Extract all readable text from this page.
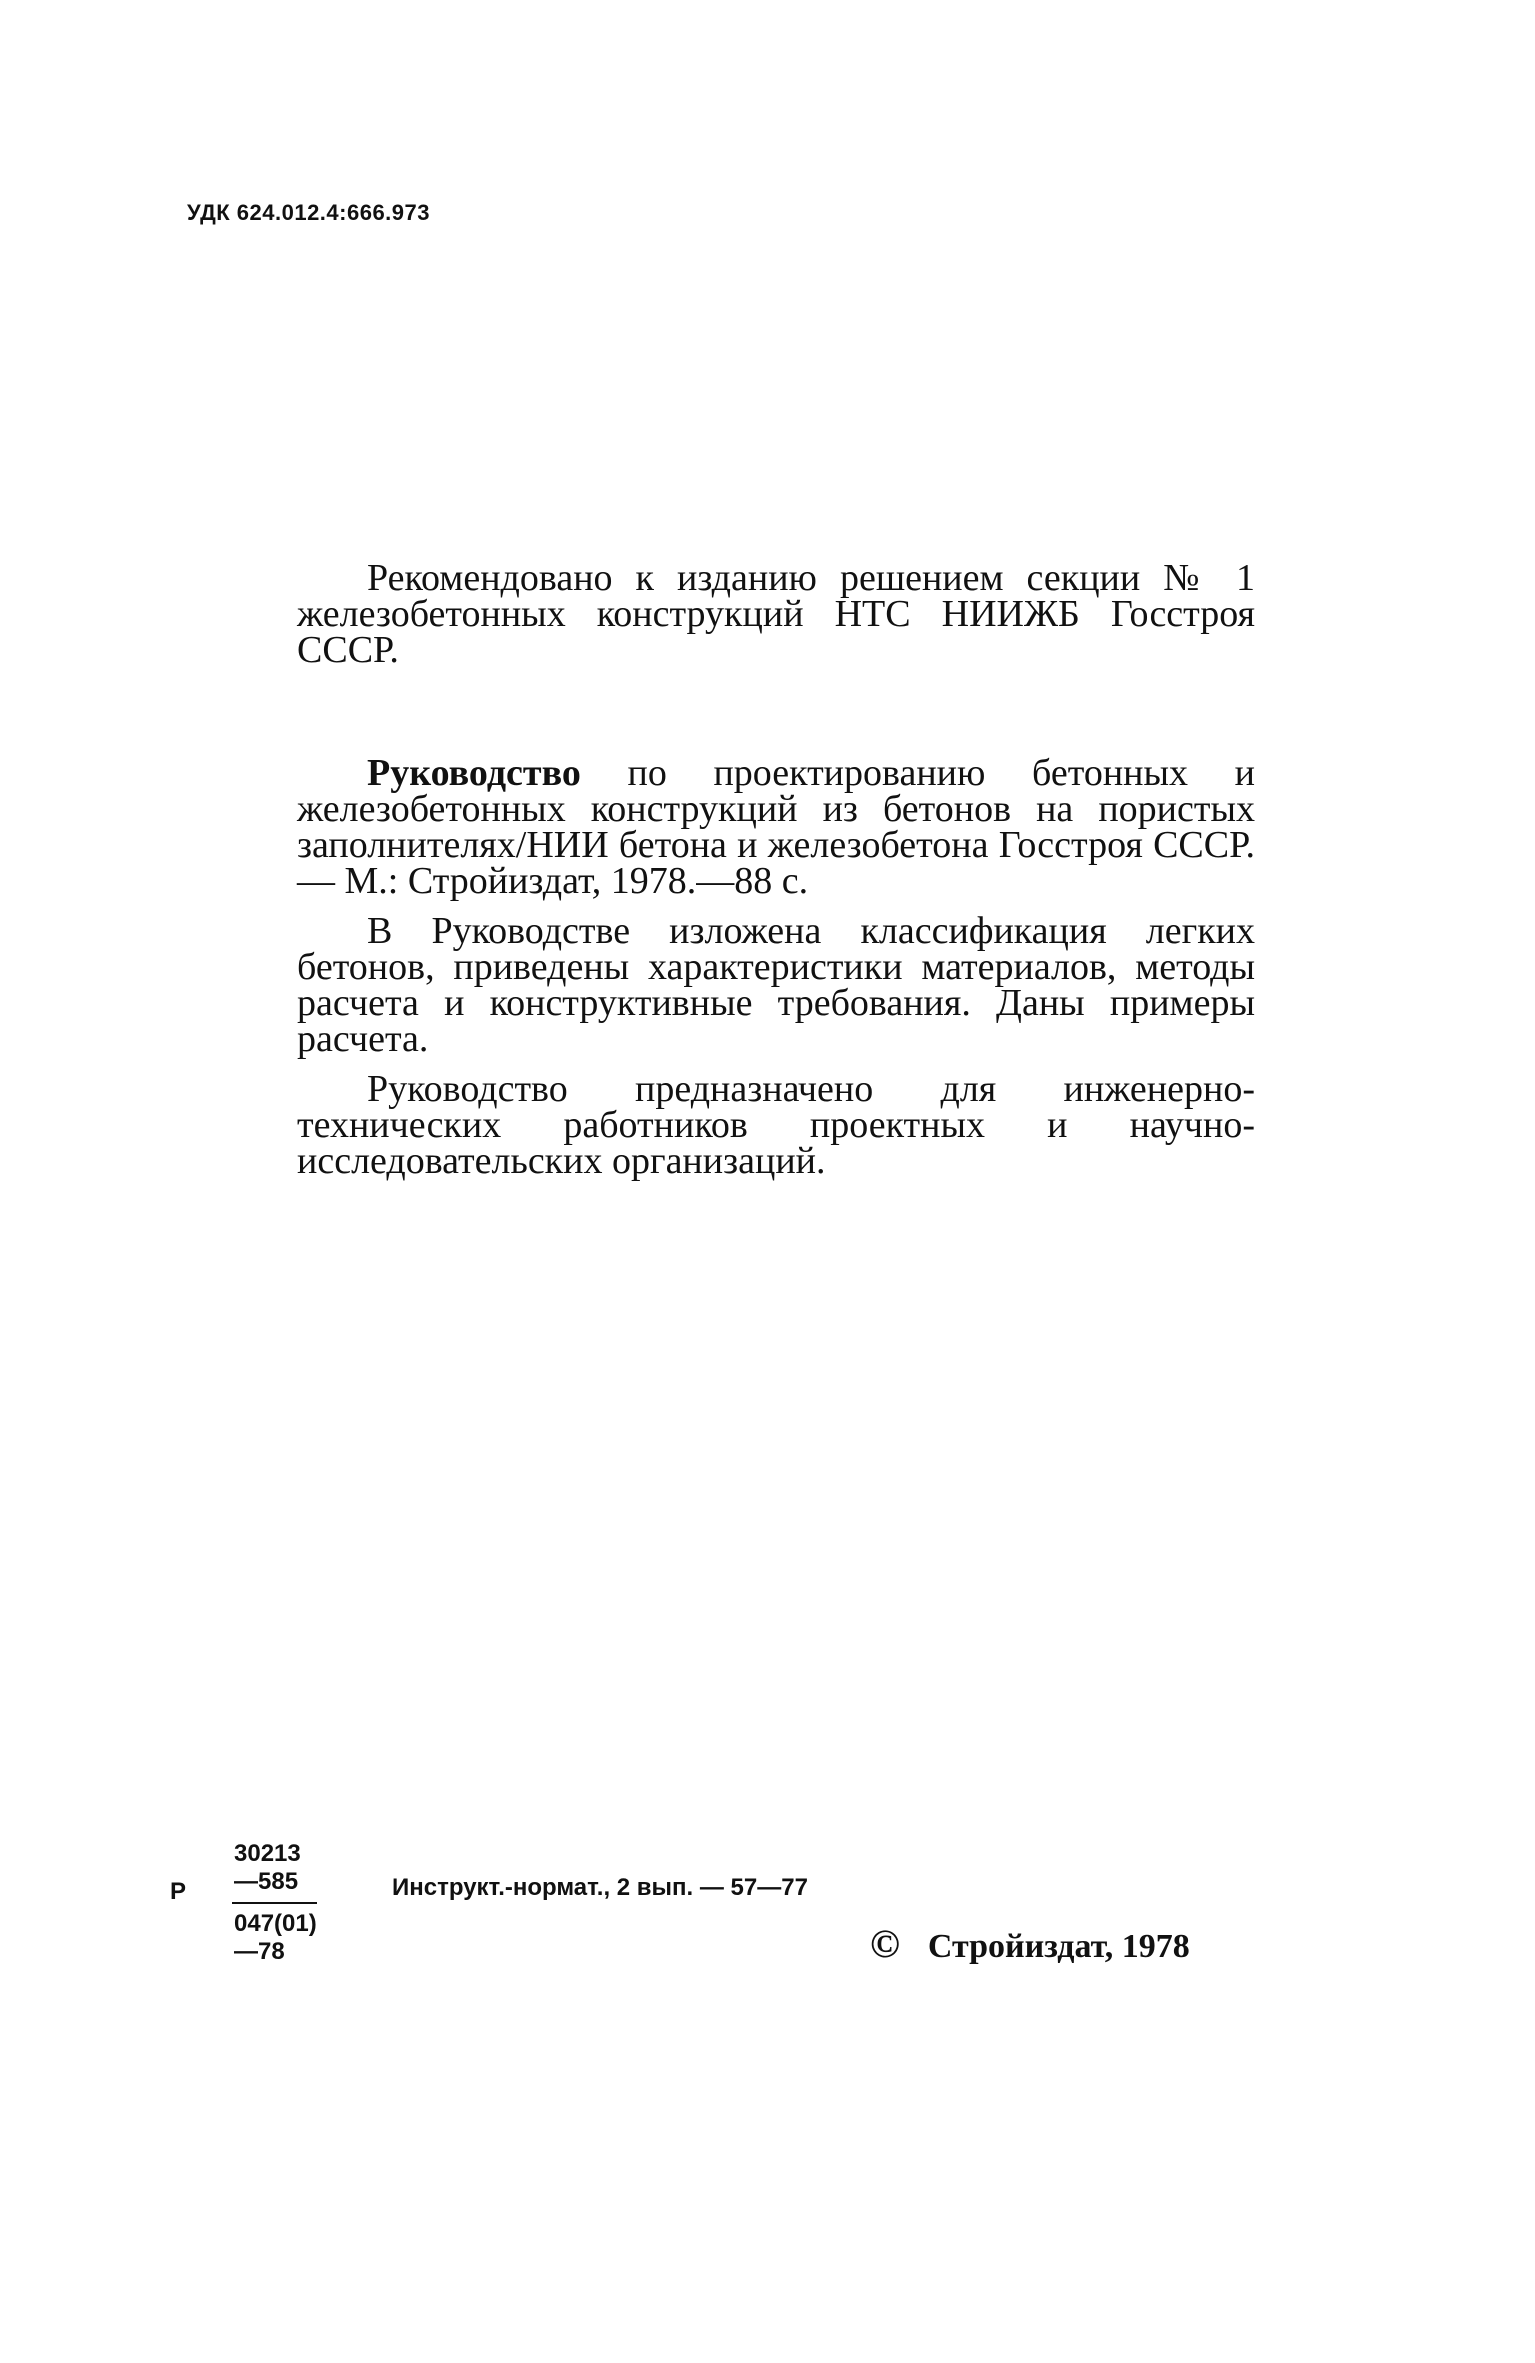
УДК 624.012.4:666.973

Рекомендовано к изданию решением секции № 1 железобетонных конструкций НТС НИИЖБ Госстроя СССР.

Руководство по проектированию бетонных и железобетонных конструкций из бетонов на пористых заполнителях/НИИ бетона и железобетона Госстроя СССР. — М.: Стройиздат, 1978.—88 с.

В Руководстве изложена классификация легких бетонов, приведены характеристики материалов, методы расчета и конструктивные требования. Даны примеры расчета.

Руководство предназначено для инженерно-технических работников проектных и научно-исследовательских организаций.

Р $\frac{30213—585}{047(01)—78}$	Инструкт.-нормат., 2 вып. — 57—77
© Стройиздат, 1978
